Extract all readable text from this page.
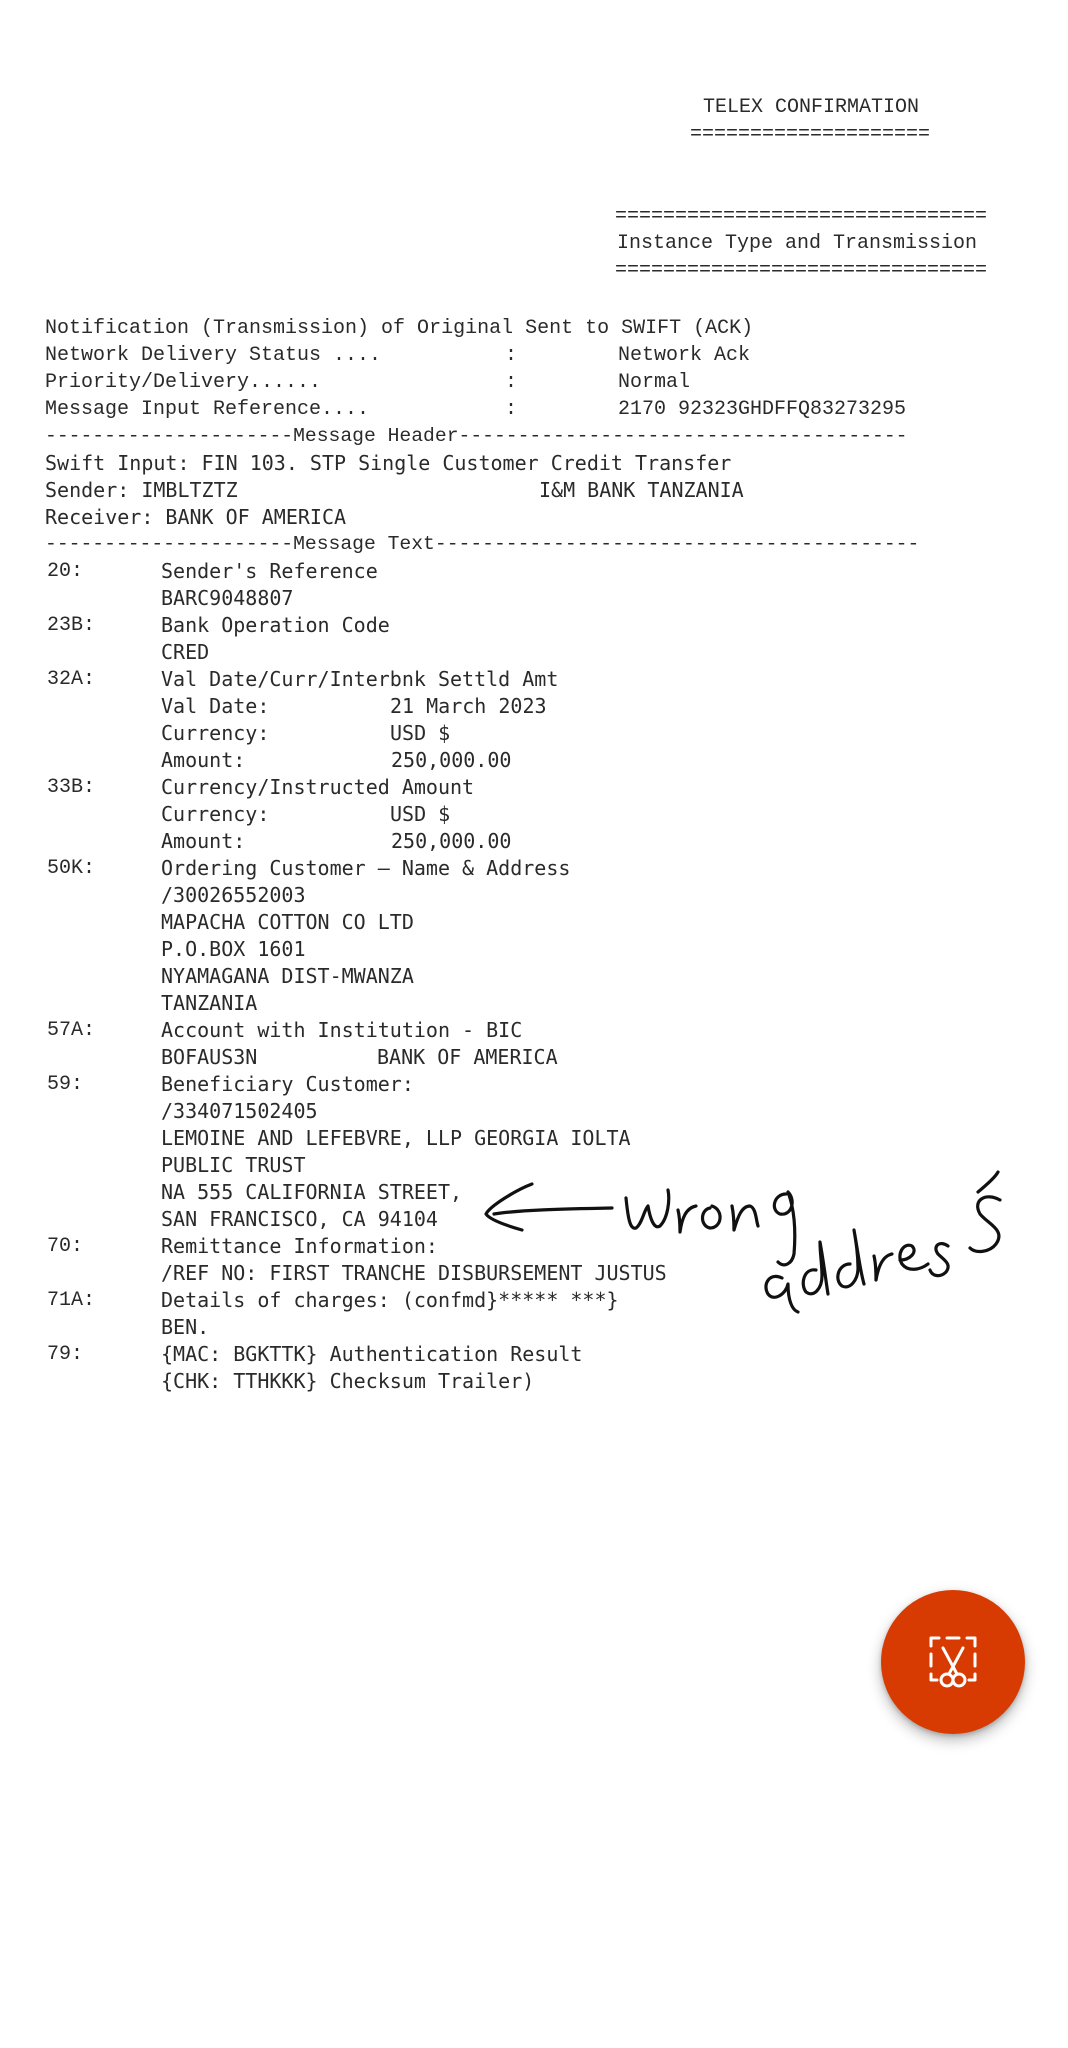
TELEX CONFIRMATION
====================
===============================
Instance Type and Transmission
===============================
Notification (Transmission) of Original Sent to SWIFT (ACK)
Network Delivery Status ....	:	Network Ack
Priority/Delivery......	:	Normal
Message Input Reference....	:	2170 92323GHDFFQ83273295
---------------------Message Header--------------------------------------
Swift Input: FIN 103. STP Single Customer Credit Transfer
Sender: IMBLTZTZ	I&M BANK TANZANIA
Receiver: BANK OF AMERICA
---------------------Message Text-----------------------------------------
20:	Sender's Reference
BARC9048807
23B:	Bank Operation Code
CRED
32A:	Val Date/Curr/Interbnk Settld Amt
Val Date:	21 March 2023
Currency:	USD $
Amount:	250,000.00
33B:	Currency/Instructed Amount
Currency:	USD $
Amount:	250,000.00
50K:	Ordering Customer – Name & Address
/30026552003
MAPACHA COTTON CO LTD
P.O.BOX 1601
NYAMAGANA DIST-MWANZA
TANZANIA
57A:	Account with Institution - BIC
BOFAUS3N	BANK OF AMERICA
59:	Beneficiary Customer:
/334071502405
LEMOINE AND LEFEBVRE, LLP GEORGIA IOLTA
PUBLIC TRUST
NA 555 CALIFORNIA STREET,
SAN FRANCISCO, CA 94104
70:	Remittance Information:
/REF NO: FIRST TRANCHE DISBURSEMENT JUSTUS
71A:	Details of charges: (confmd}***** ***}
BEN.
79:	{MAC: BGKTTK} Authentication Result
{CHK: TTHKKK} Checksum Trailer)
